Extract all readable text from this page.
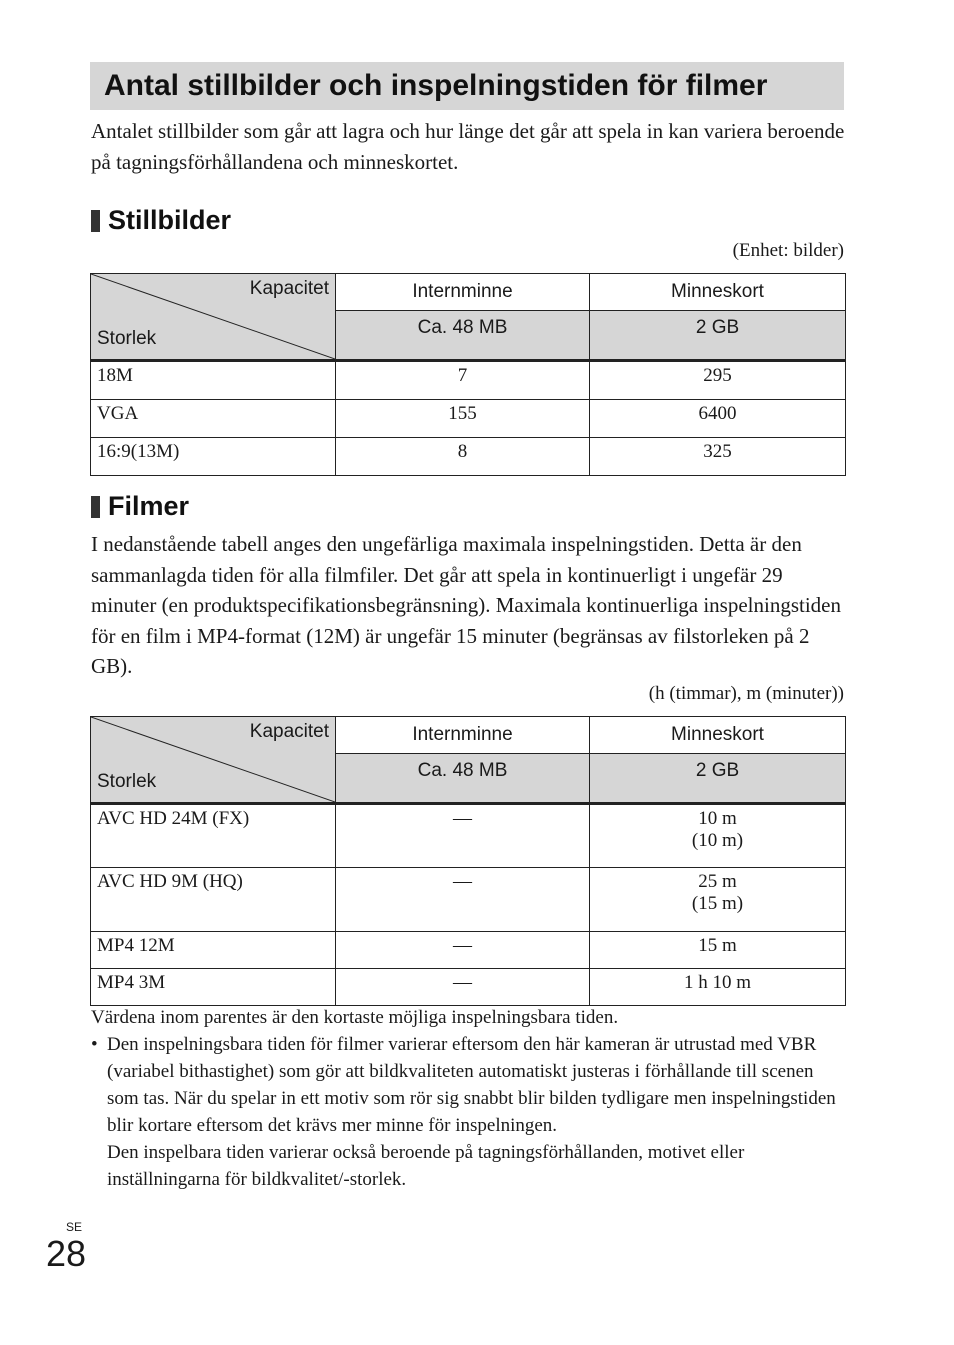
Antal stillbilder och inspelningstiden för filmer

Antalet stillbilder som går att lagra och hur länge det går att spela in kan variera beroende på tagningsförhållandena och minneskortet.

Stillbilder
(Enhet: bilder)
Kapacitet
Storlek	Internminne	Minneskort
	Ca. 48 MB	2 GB
18M	7	295
VGA	155	6400
16:9(13M)	8	325
Filmer

I nedanstående tabell anges den ungefärliga maximala inspelningstiden. Detta är den sammanlagda tiden för alla filmfiler. Det går att spela in kontinuerligt i ungefär 29 minuter (en produktspecifikationsbegränsning). Maximala kontinuerliga inspelningstiden för en film i MP4-format (12M) är ungefär 15 minuter (begränsas av filstorleken på 2 GB).

(h (timmar), m (minuter))
Kapacitet
Storlek	Internminne	Minneskort
	Ca. 48 MB	2 GB
AVC HD 24M (FX)	—	10 m
(10 m)

AVC HD 9M (HQ)	—	25 m
(15 m)

MP4 12M	—	15 m
MP4 3M	—	1 h 10 m

Värdena inom parentes är den kortaste möjliga inspelningsbara tiden.

• Den inspelningsbara tiden för filmer varierar eftersom den här kameran är utrustad med VBR (variabel bithastighet) som gör att bildkvaliteten automatiskt justeras i förhållande till scenen som tas. När du spelar in ett motiv som rör sig snabbt blir bilden tydligare men inspelningstiden blir kortare eftersom det krävs mer minne för inspelningen.
Den inspelbara tiden varierar också beroende på tagningsförhållanden, motivet eller inställningarna för bildkvalitet/-storlek.
SE
28
